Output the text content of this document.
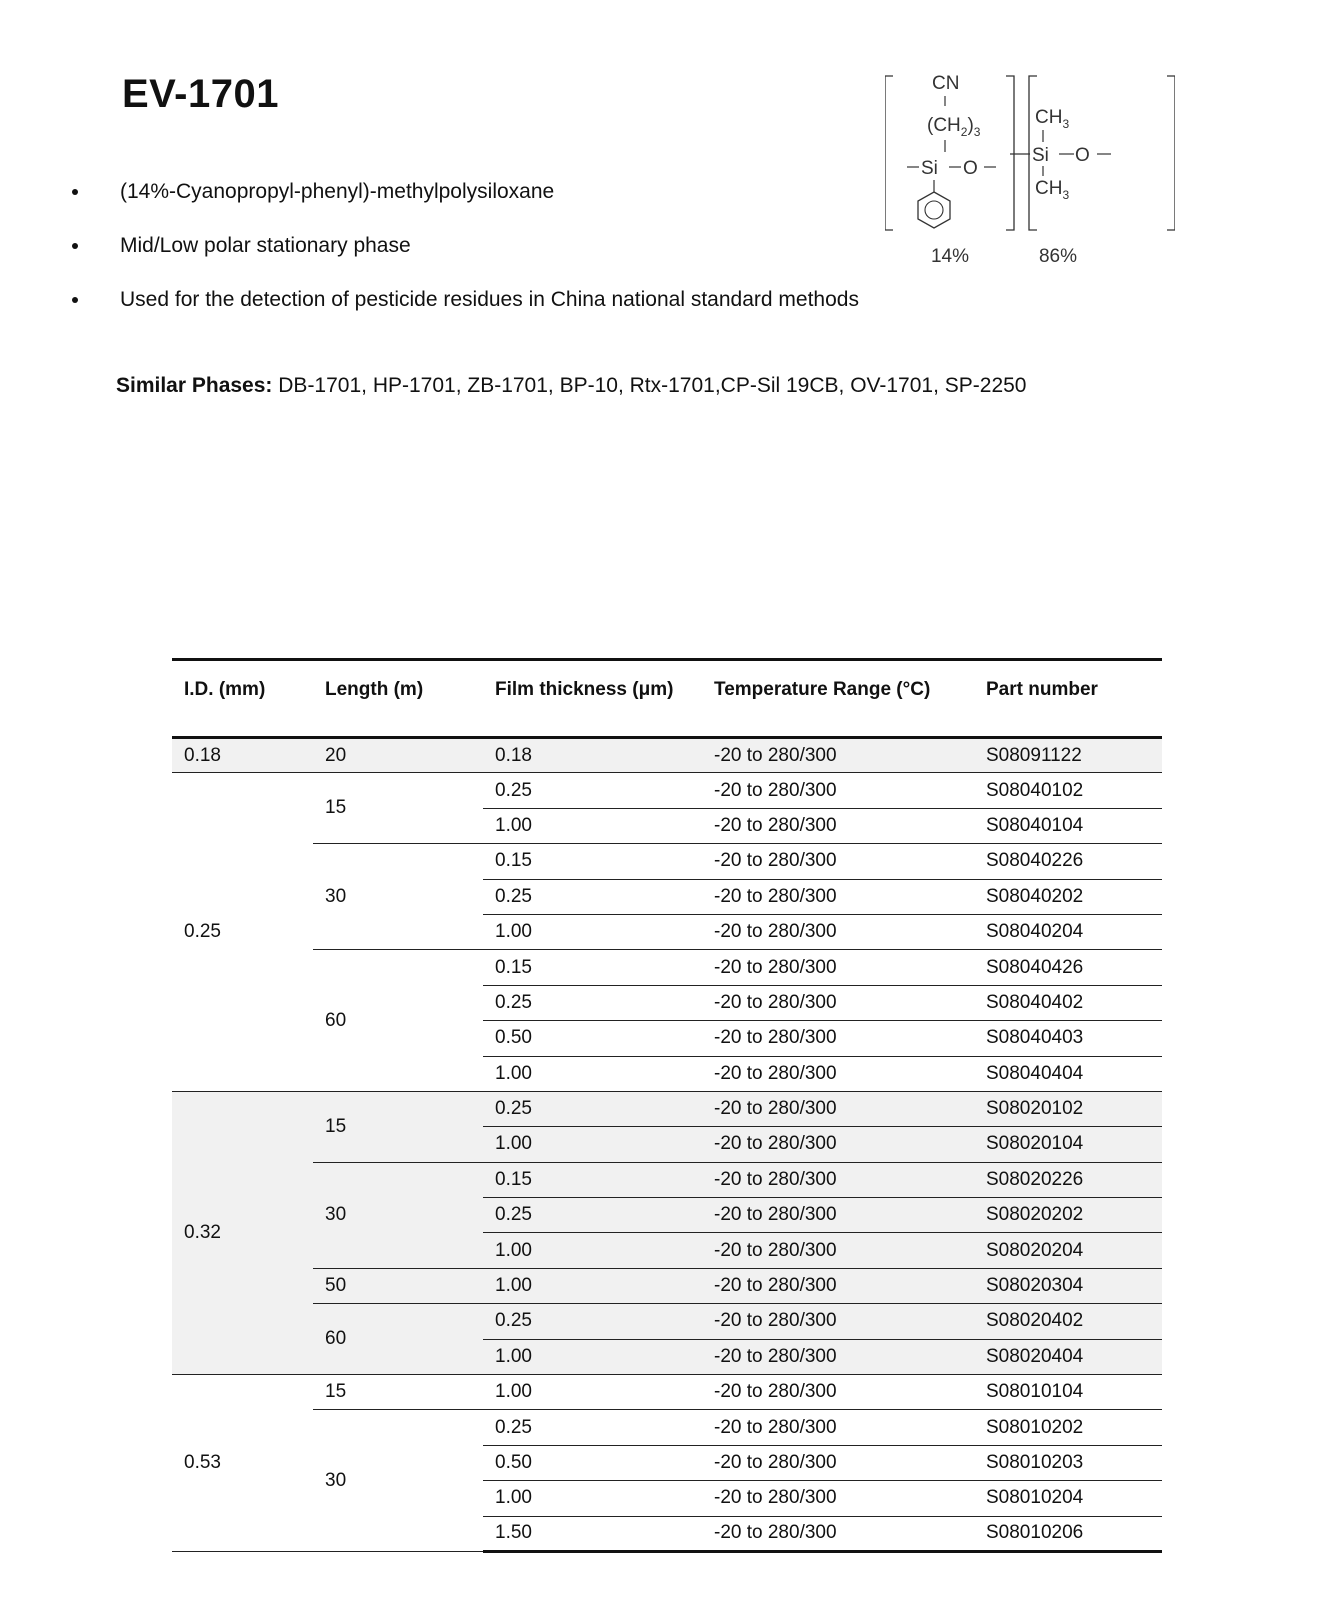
EV-1701
(14%-Cyanopropyl-phenyl)-methylpolysiloxane
Mid/Low polar stationary phase
Used for the detection of pesticide residues in China national standard methods

Similar Phases: DB-1701, HP-1701, ZB-1701, BP-10, Rtx-1701,CP-Sil 19CB, OV-1701, SP-2250

CN
$(CH_2)_3$
Si O
14%
$CH_3$
Si O
$CH_3$
86%
I.D. (mm)	Length (m)	Film thickness (μm)	Temperature Range (°C)	Part number
0.18	20	0.18	-20 to 280/300	S08091122
0.25	15	0.25	-20 to 280/300	S08040102
		1.00	-20 to 280/300	S08040104
	30	0.15	-20 to 280/300	S08040226
		0.25	-20 to 280/300	S08040202
		1.00	-20 to 280/300	S08040204
	60	0.15	-20 to 280/300	S08040426
		0.25	-20 to 280/300	S08040402
		0.50	-20 to 280/300	S08040403
		1.00	-20 to 280/300	S08040404
0.32	15	0.25	-20 to 280/300	S08020102
		1.00	-20 to 280/300	S08020104
	30	0.15	-20 to 280/300	S08020226
		0.25	-20 to 280/300	S08020202
		1.00	-20 to 280/300	S08020204
	50	1.00	-20 to 280/300	S08020304
	60	0.25	-20 to 280/300	S08020402
		1.00	-20 to 280/300	S08020404
0.53	15	1.00	-20 to 280/300	S08010104
	30	0.25	-20 to 280/300	S08010202
		0.50	-20 to 280/300	S08010203
		1.00	-20 to 280/300	S08010204
		1.50	-20 to 280/300	S08010206
